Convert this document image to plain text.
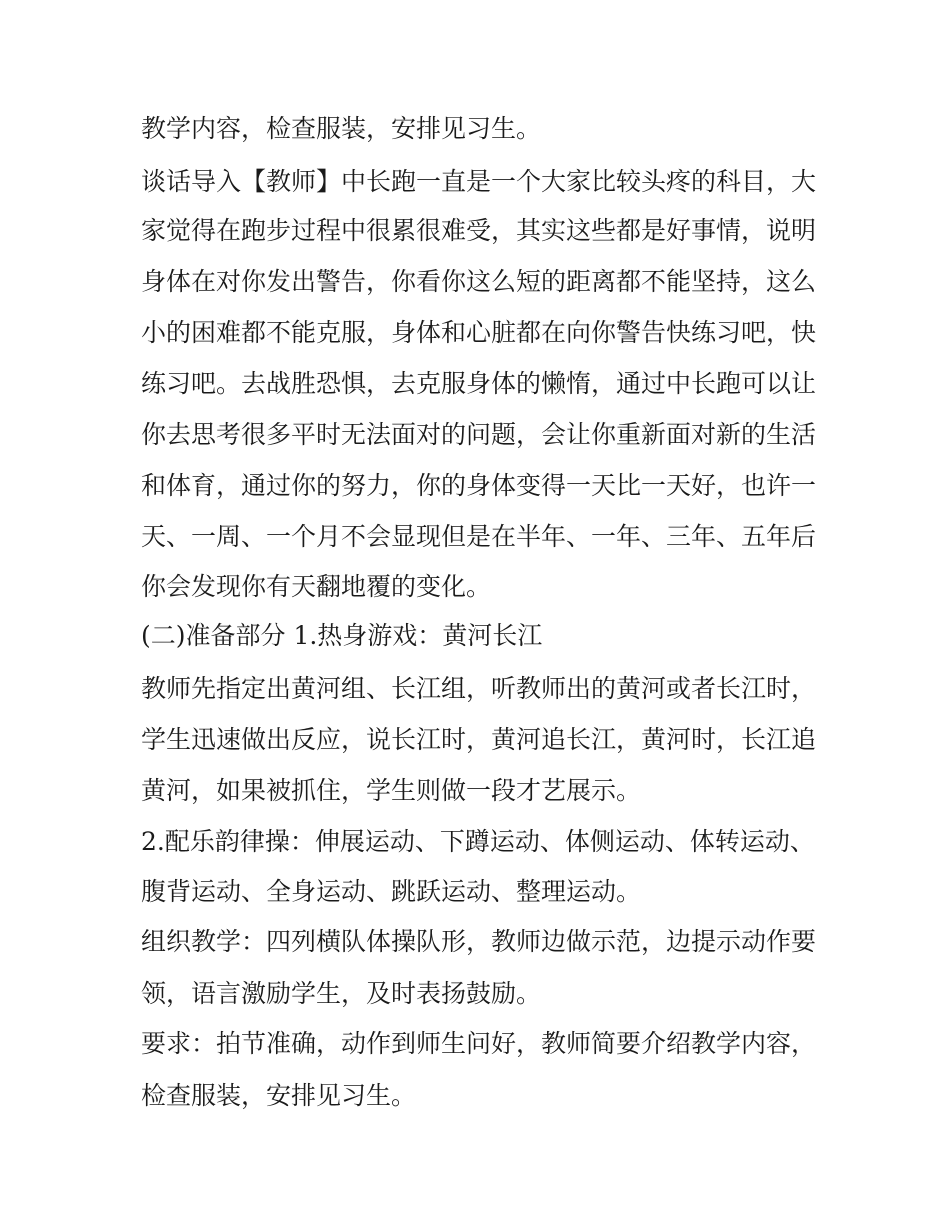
教学内容，检查服装，安排见习生。
谈话导入【教师】中长跑一直是一个大家比较头疼的科目，大
家觉得在跑步过程中很累很难受，其实这些都是好事情，说明
身体在对你发出警告，你看你这么短的距离都不能坚持，这么
小的困难都不能克服，身体和心脏都在向你警告快练习吧，快
练习吧。去战胜恐惧，去克服身体的懒惰，通过中长跑可以让
你去思考很多平时无法面对的问题，会让你重新面对新的生活
和体育，通过你的努力，你的身体变得一天比一天好，也许一
天、一周、一个月不会显现但是在半年、一年、三年、五年后
你会发现你有天翻地覆的变化。
(二)准备部分 1.热身游戏：黄河长江
教师先指定出黄河组、长江组，听教师出的黄河或者长江时，
学生迅速做出反应，说长江时，黄河追长江，黄河时，长江追
黄河，如果被抓住，学生则做一段才艺展示。
2.配乐韵律操：伸展运动、下蹲运动、体侧运动、体转运动、
腹背运动、全身运动、跳跃运动、整理运动。
组织教学：四列横队体操队形，教师边做示范，边提示动作要
领，语言激励学生，及时表扬鼓励。
要求：拍节准确，动作到师生问好，教师简要介绍教学内容，
检查服装，安排见习生。
